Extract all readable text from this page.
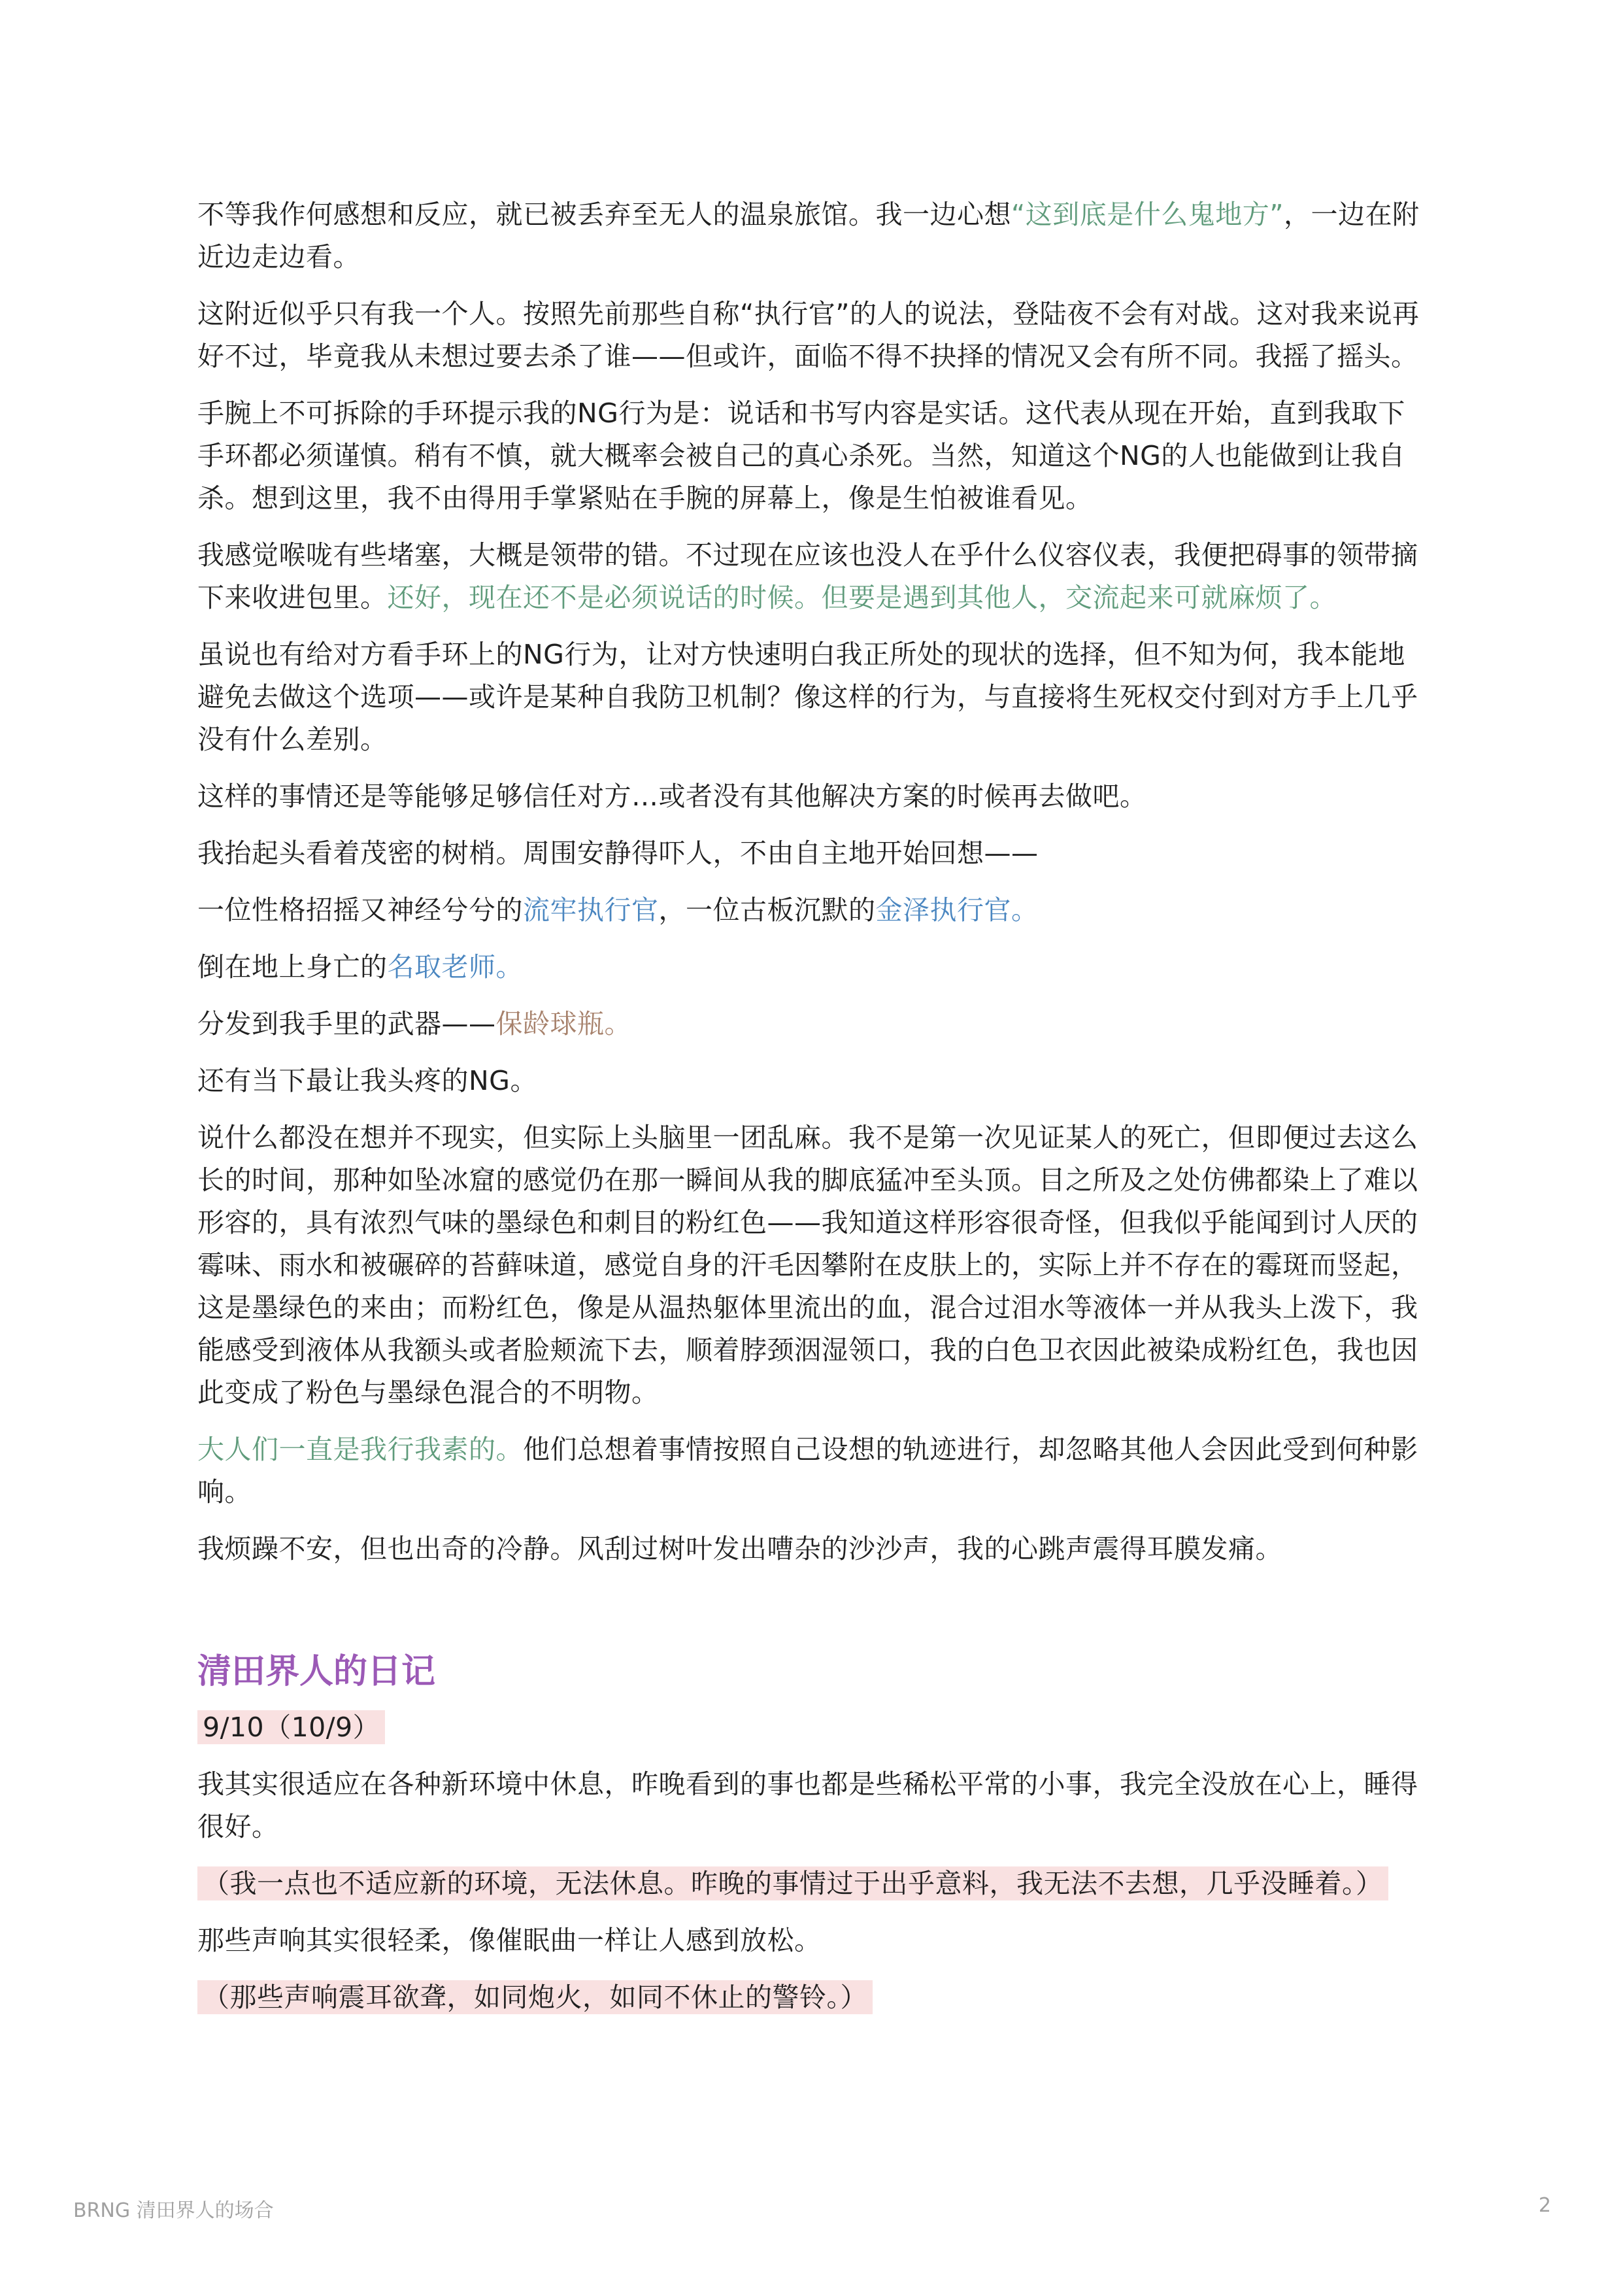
不等我作何感想和反应，就已被丢弃至无人的温泉旅馆。我一边心想“这到底是什么鬼地方”，一边在附近边走边看。
这附近似乎只有我一个人。按照先前那些自称“执行官”的人的说法，登陆夜不会有对战。这对我来说再好不过，毕竟我从未想过要去杀了谁——但或许，面临不得不抉择的情况又会有所不同。我摇了摇头。
手腕上不可拆除的手环提示我的NG行为是：说话和书写内容是实话。这代表从现在开始，直到我取下手环都必须谨慎。稍有不慎，就大概率会被自己的真心杀死。当然，知道这个NG的人也能做到让我自杀。想到这里，我不由得用手掌紧贴在手腕的屏幕上，像是生怕被谁看见。
我感觉喉咙有些堵塞，大概是领带的错。不过现在应该也没人在乎什么仪容仪表，我便把碍事的领带摘下来收进包里。还好，现在还不是必须说话的时候。但要是遇到其他人，交流起来可就麻烦了。
虽说也有给对方看手环上的NG行为，让对方快速明白我正所处的现状的选择，但不知为何，我本能地避免去做这个选项——或许是某种自我防卫机制？像这样的行为，与直接将生死权交付到对方手上几乎没有什么差别。
这样的事情还是等能够足够信任对方…或者没有其他解决方案的时候再去做吧。
我抬起头看着茂密的树梢。周围安静得吓人，不由自主地开始回想——
一位性格招摇又神经兮兮的流牢执行官，一位古板沉默的金泽执行官。
倒在地上身亡的名取老师。
分发到我手里的武器——保龄球瓶。
还有当下最让我头疼的NG。
说什么都没在想并不现实，但实际上头脑里一团乱麻。我不是第一次见证某人的死亡，但即便过去这么长的时间，那种如坠冰窟的感觉仍在那一瞬间从我的脚底猛冲至头顶。目之所及之处仿佛都染上了难以形容的，具有浓烈气味的墨绿色和刺目的粉红色——我知道这样形容很奇怪，但我似乎能闻到讨人厌的霉味、雨水和被碾碎的苔藓味道，感觉自身的汗毛因攀附在皮肤上的，实际上并不存在的霉斑而竖起，这是墨绿色的来由；而粉红色，像是从温热躯体里流出的血，混合过泪水等液体一并从我头上泼下，我能感受到液体从我额头或者脸颊流下去，顺着脖颈洇湿领口，我的白色卫衣因此被染成粉红色，我也因此变成了粉色与墨绿色混合的不明物。
大人们一直是我行我素的。他们总想着事情按照自己设想的轨迹进行，却忽略其他人会因此受到何种影响。
我烦躁不安，但也出奇的冷静。风刮过树叶发出嘈杂的沙沙声，我的心跳声震得耳膜发痛。
清田界人的日记
9/10（10/9）
我其实很适应在各种新环境中休息，昨晚看到的事也都是些稀松平常的小事，我完全没放在心上，睡得很好。
（我一点也不适应新的环境，无法休息。昨晚的事情过于出乎意料，我无法不去想，几乎没睡着。）
那些声响其实很轻柔，像催眠曲一样让人感到放松。
（那些声响震耳欲聋，如同炮火，如同不休止的警铃。）
BRNG 清田界人的场合	2
